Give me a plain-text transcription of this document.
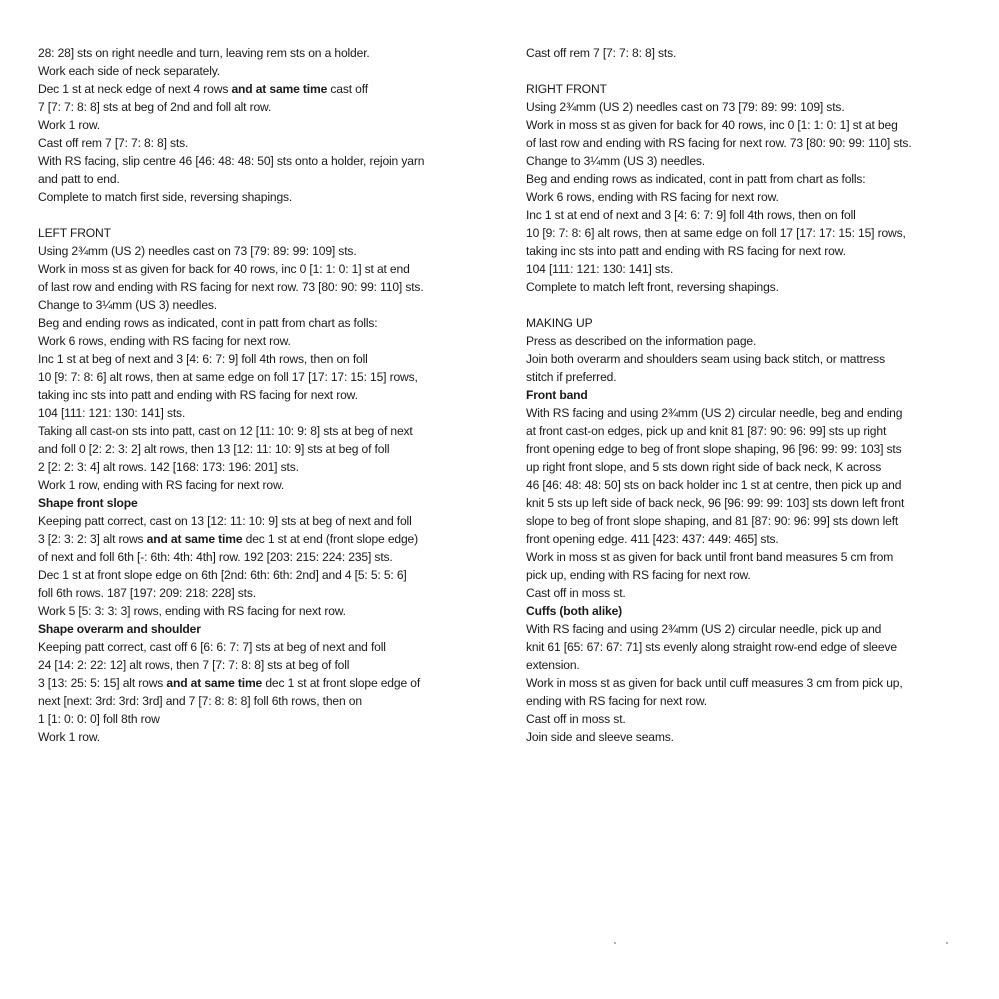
28: 28] sts on right needle and turn, leaving rem sts on a holder.
Work each side of neck separately.
Dec 1 st at neck edge of next 4 rows and at same time cast off
7 [7: 7: 8: 8] sts at beg of 2nd and foll alt row.
Work 1 row.
Cast off rem 7 [7: 7: 8: 8] sts.
With RS facing, slip centre 46 [46: 48: 48: 50] sts onto a holder, rejoin yarn
and patt to end.
Complete to match first side, reversing shapings.
LEFT FRONT
Using 2¾mm (US 2) needles cast on 73 [79: 89: 99: 109] sts.
Work in moss st as given for back for 40 rows, inc 0 [1: 1: 0: 1] st at end
of last row and ending with RS facing for next row. 73 [80: 90: 99: 110] sts.
Change to 3¼mm (US 3) needles.
Beg and ending rows as indicated, cont in patt from chart as folls:
Work 6 rows, ending with RS facing for next row.
Inc 1 st at beg of next and 3 [4: 6: 7: 9] foll 4th rows, then on foll
10 [9: 7: 8: 6] alt rows, then at same edge on foll 17 [17: 17: 15: 15] rows,
taking inc sts into patt and ending with RS facing for next row.
104 [111: 121: 130: 141] sts.
Taking all cast-on sts into patt, cast on 12 [11: 10: 9: 8] sts at beg of next
and foll 0 [2: 2: 3: 2] alt rows, then 13 [12: 11: 10: 9] sts at beg of foll
2 [2: 2: 3: 4] alt rows. 142 [168: 173: 196: 201] sts.
Work 1 row, ending with RS facing for next row.
Shape front slope
Keeping patt correct, cast on 13 [12: 11: 10: 9] sts at beg of next and foll
3 [2: 3: 2: 3] alt rows and at same time dec 1 st at end (front slope edge)
of next and foll 6th [-: 6th: 4th: 4th] row. 192 [203: 215: 224: 235] sts.
Dec 1 st at front slope edge on 6th [2nd: 6th: 6th: 2nd] and 4 [5: 5: 5: 6]
foll 6th rows. 187 [197: 209: 218: 228] sts.
Work 5 [5: 3: 3: 3] rows, ending with RS facing for next row.
Shape overarm and shoulder
Keeping patt correct, cast off 6 [6: 6: 7: 7] sts at beg of next and foll
24 [14: 2: 22: 12] alt rows, then 7 [7: 7: 8: 8] sts at beg of foll
3 [13: 25: 5: 15] alt rows and at same time dec 1 st at front slope edge of
next [next: 3rd: 3rd: 3rd] and 7 [7: 8: 8: 8] foll 6th rows, then on
1 [1: 0: 0: 0] foll 8th row
Work 1 row.
Cast off rem 7 [7: 7: 8: 8] sts.
RIGHT FRONT
Using 2¾mm (US 2) needles cast on 73 [79: 89: 99: 109] sts.
Work in moss st as given for back for 40 rows, inc 0 [1: 1: 0: 1] st at beg
of last row and ending with RS facing for next row. 73 [80: 90: 99: 110] sts.
Change to 3¼mm (US 3) needles.
Beg and ending rows as indicated, cont in patt from chart as folls:
Work 6 rows, ending with RS facing for next row.
Inc 1 st at end of next and 3 [4: 6: 7: 9] foll 4th rows, then on foll
10 [9: 7: 8: 6] alt rows, then at same edge on foll 17 [17: 17: 15: 15] rows,
taking inc sts into patt and ending with RS facing for next row.
104 [111: 121: 130: 141] sts.
Complete to match left front, reversing shapings.
MAKING UP
Press as described on the information page.
Join both overarm and shoulders seam using back stitch, or mattress
stitch if preferred.
Front band
With RS facing and using 2¾mm (US 2) circular needle, beg and ending
at front cast-on edges, pick up and knit 81 [87: 90: 96: 99] sts up right
front opening edge to beg of front slope shaping, 96 [96: 99: 99: 103] sts
up right front slope, and 5 sts down right side of back neck, K across
46 [46: 48: 48: 50] sts on back holder inc 1 st at centre, then pick up and
knit 5 sts up left side of back neck, 96 [96: 99: 99: 103] sts down left front
slope to beg of front slope shaping, and 81 [87: 90: 96: 99] sts down left
front opening edge. 411 [423: 437: 449: 465] sts.
Work in moss st as given for back until front band measures 5 cm from
pick up, ending with RS facing for next row.
Cast off in moss st.
Cuffs (both alike)
With RS facing and using 2¾mm (US 2) circular needle, pick up and
knit 61 [65: 67: 67: 71] sts evenly along straight row-end edge of sleeve
extension.
Work in moss st as given for back until cuff measures 3 cm from pick up,
ending with RS facing for next row.
Cast off in moss st.
Join side and sleeve seams.
